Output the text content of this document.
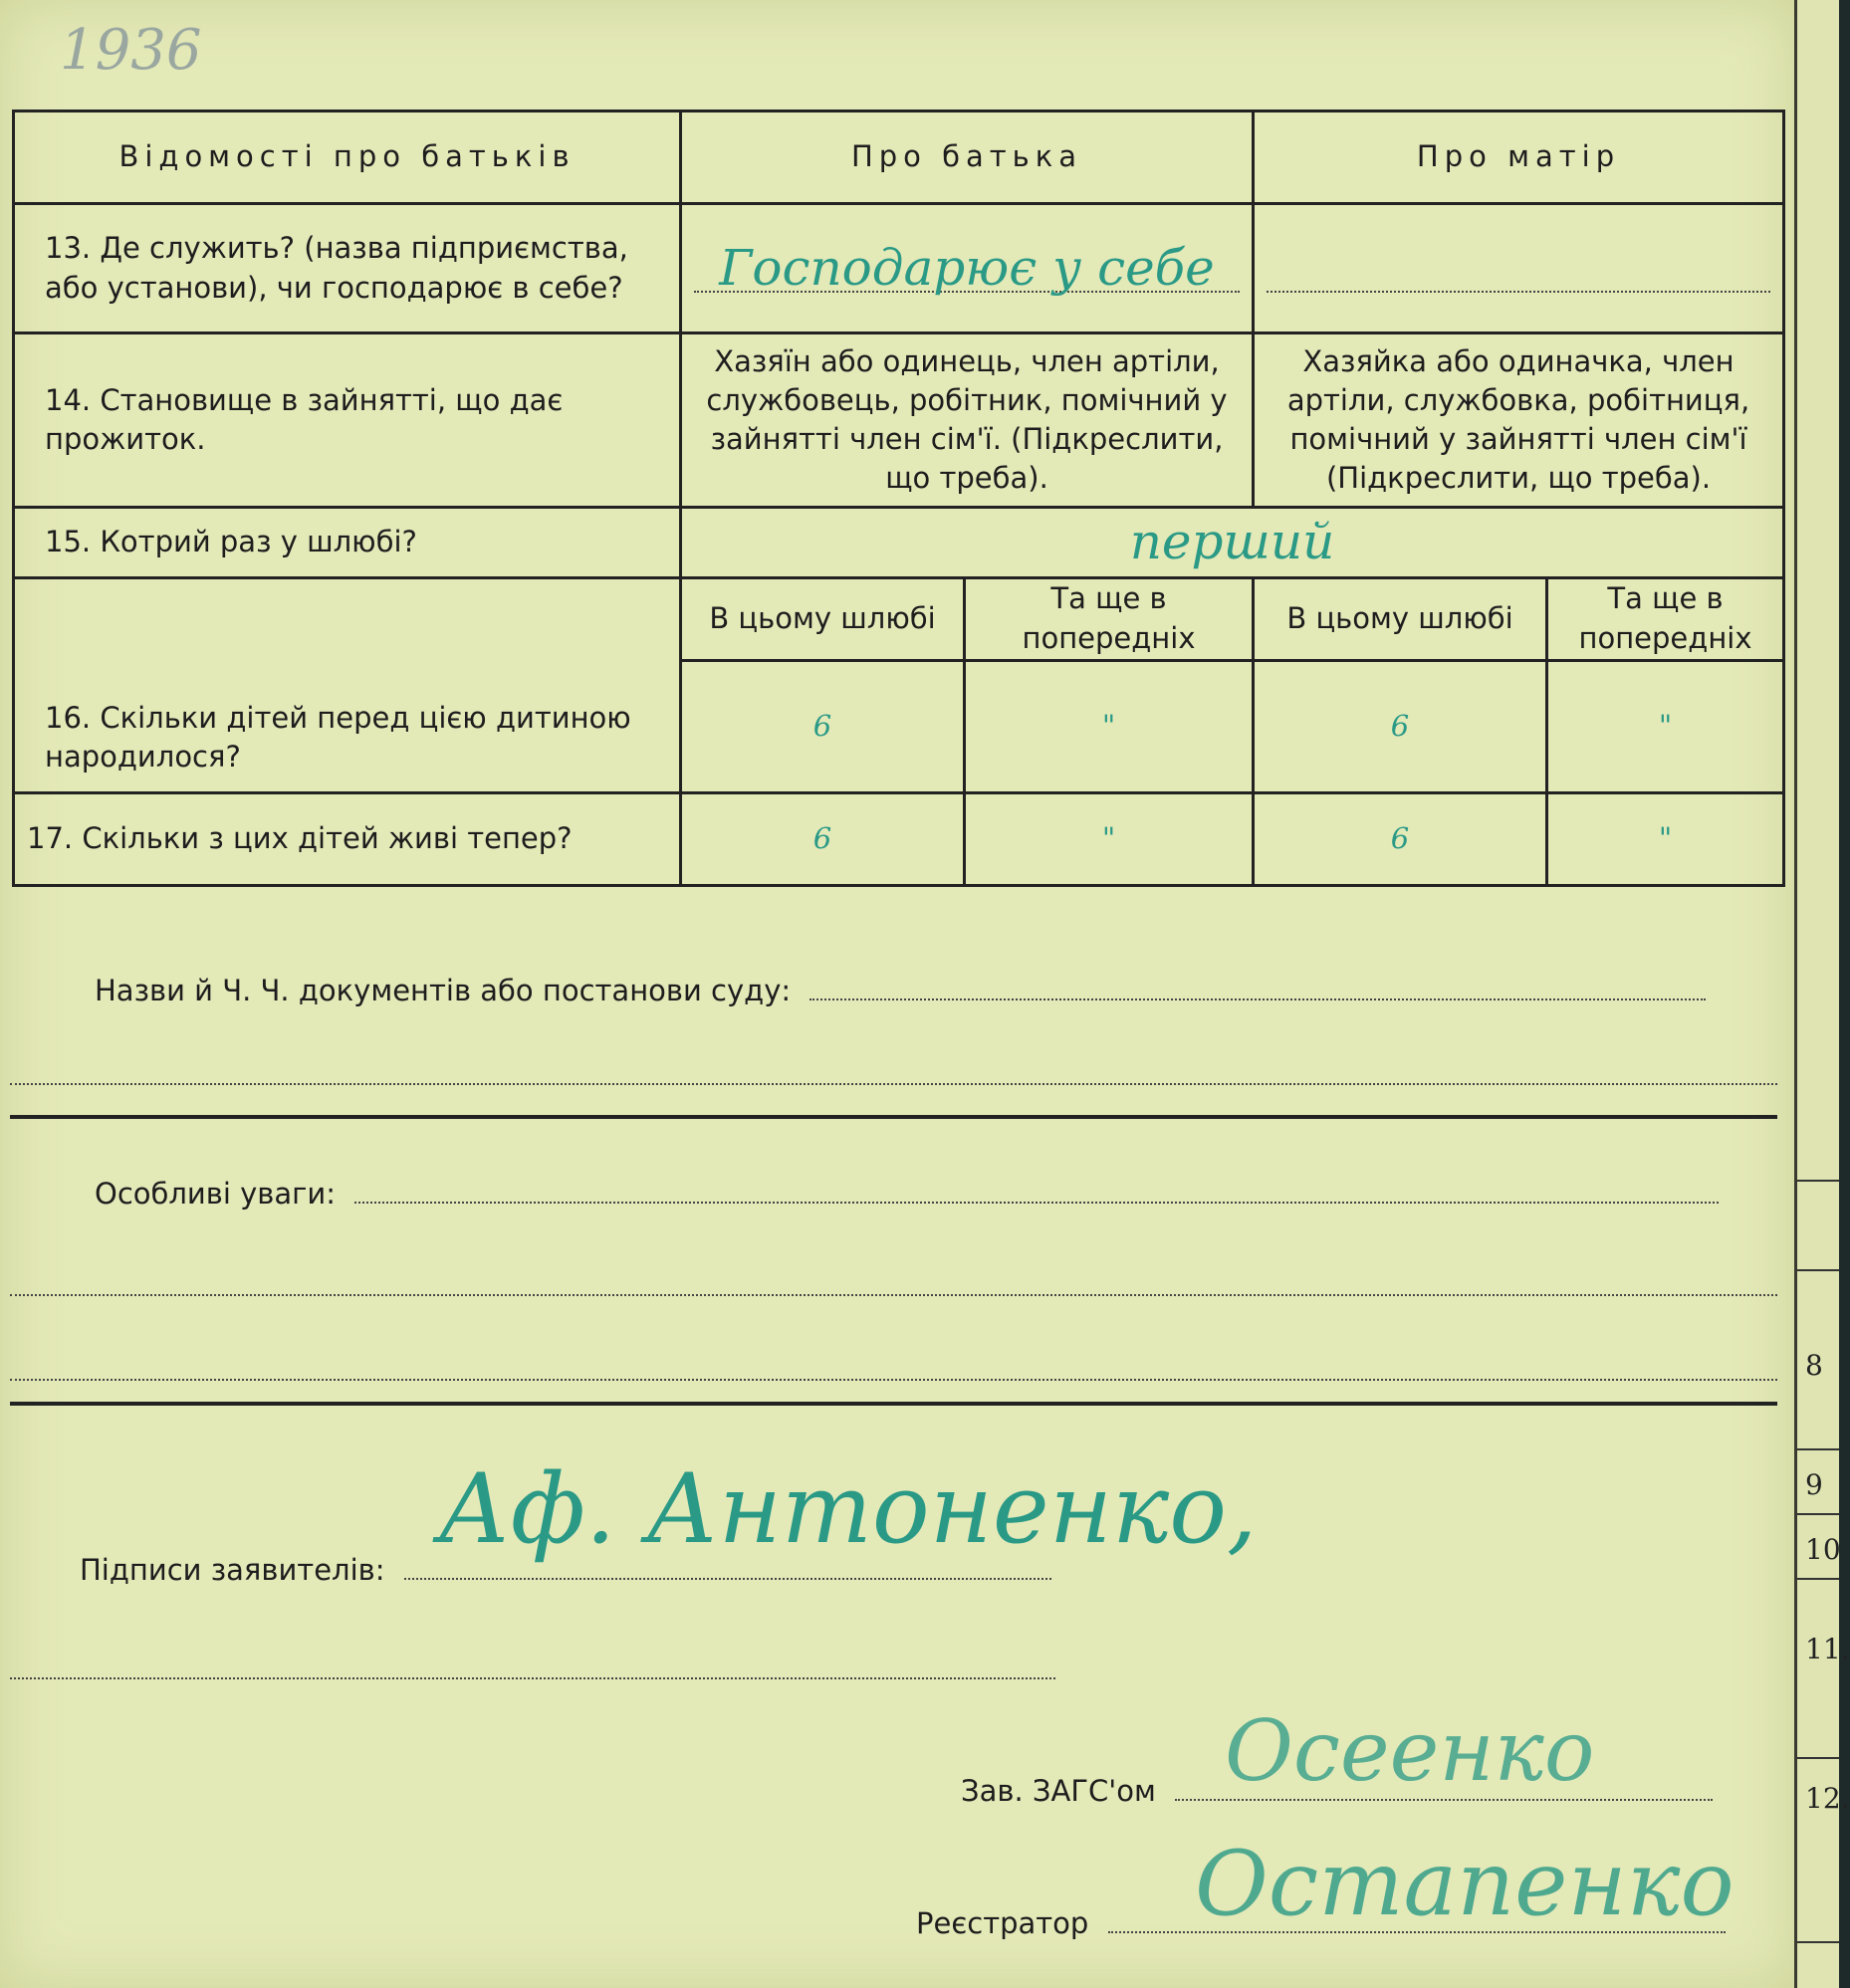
1936
Відомості про батьків	Про батька		Про матір	
13. Де служить? (назва підприємства, або установи), чи господарює в себе?	Господарює у себе			

14. Становище в зайнятті, що дає прожиток.	Хазяїн або одинець, член артіли, службовець, робітник, помічний у зайнятті член сім'ї. (Підкреслити, що треба).		Хазяйка або одиначка, член артіли, службовка, робітниця, помічний у зайнятті член сім'ї (Підкреслити, що треба).	
15. Котрий раз у шлюбі?	перший			
16. Скільки дітей перед цією дитиною народилося?	В цьому шлюбі	Та ще в попередніх	В цьому шлюбі	Та ще в попередніх
	6	"	6	"
17. Скільки з цих дітей живі тепер?	6	"	6	"
Назви й Ч. Ч. документів або постанови суду:
Особливі уваги:
Підписи заявителів:
Аф. Антоненко,
Зав. ЗАГС'ом Осеенко
Реєстратор	Остапенко
8
9
10
11.
12.
